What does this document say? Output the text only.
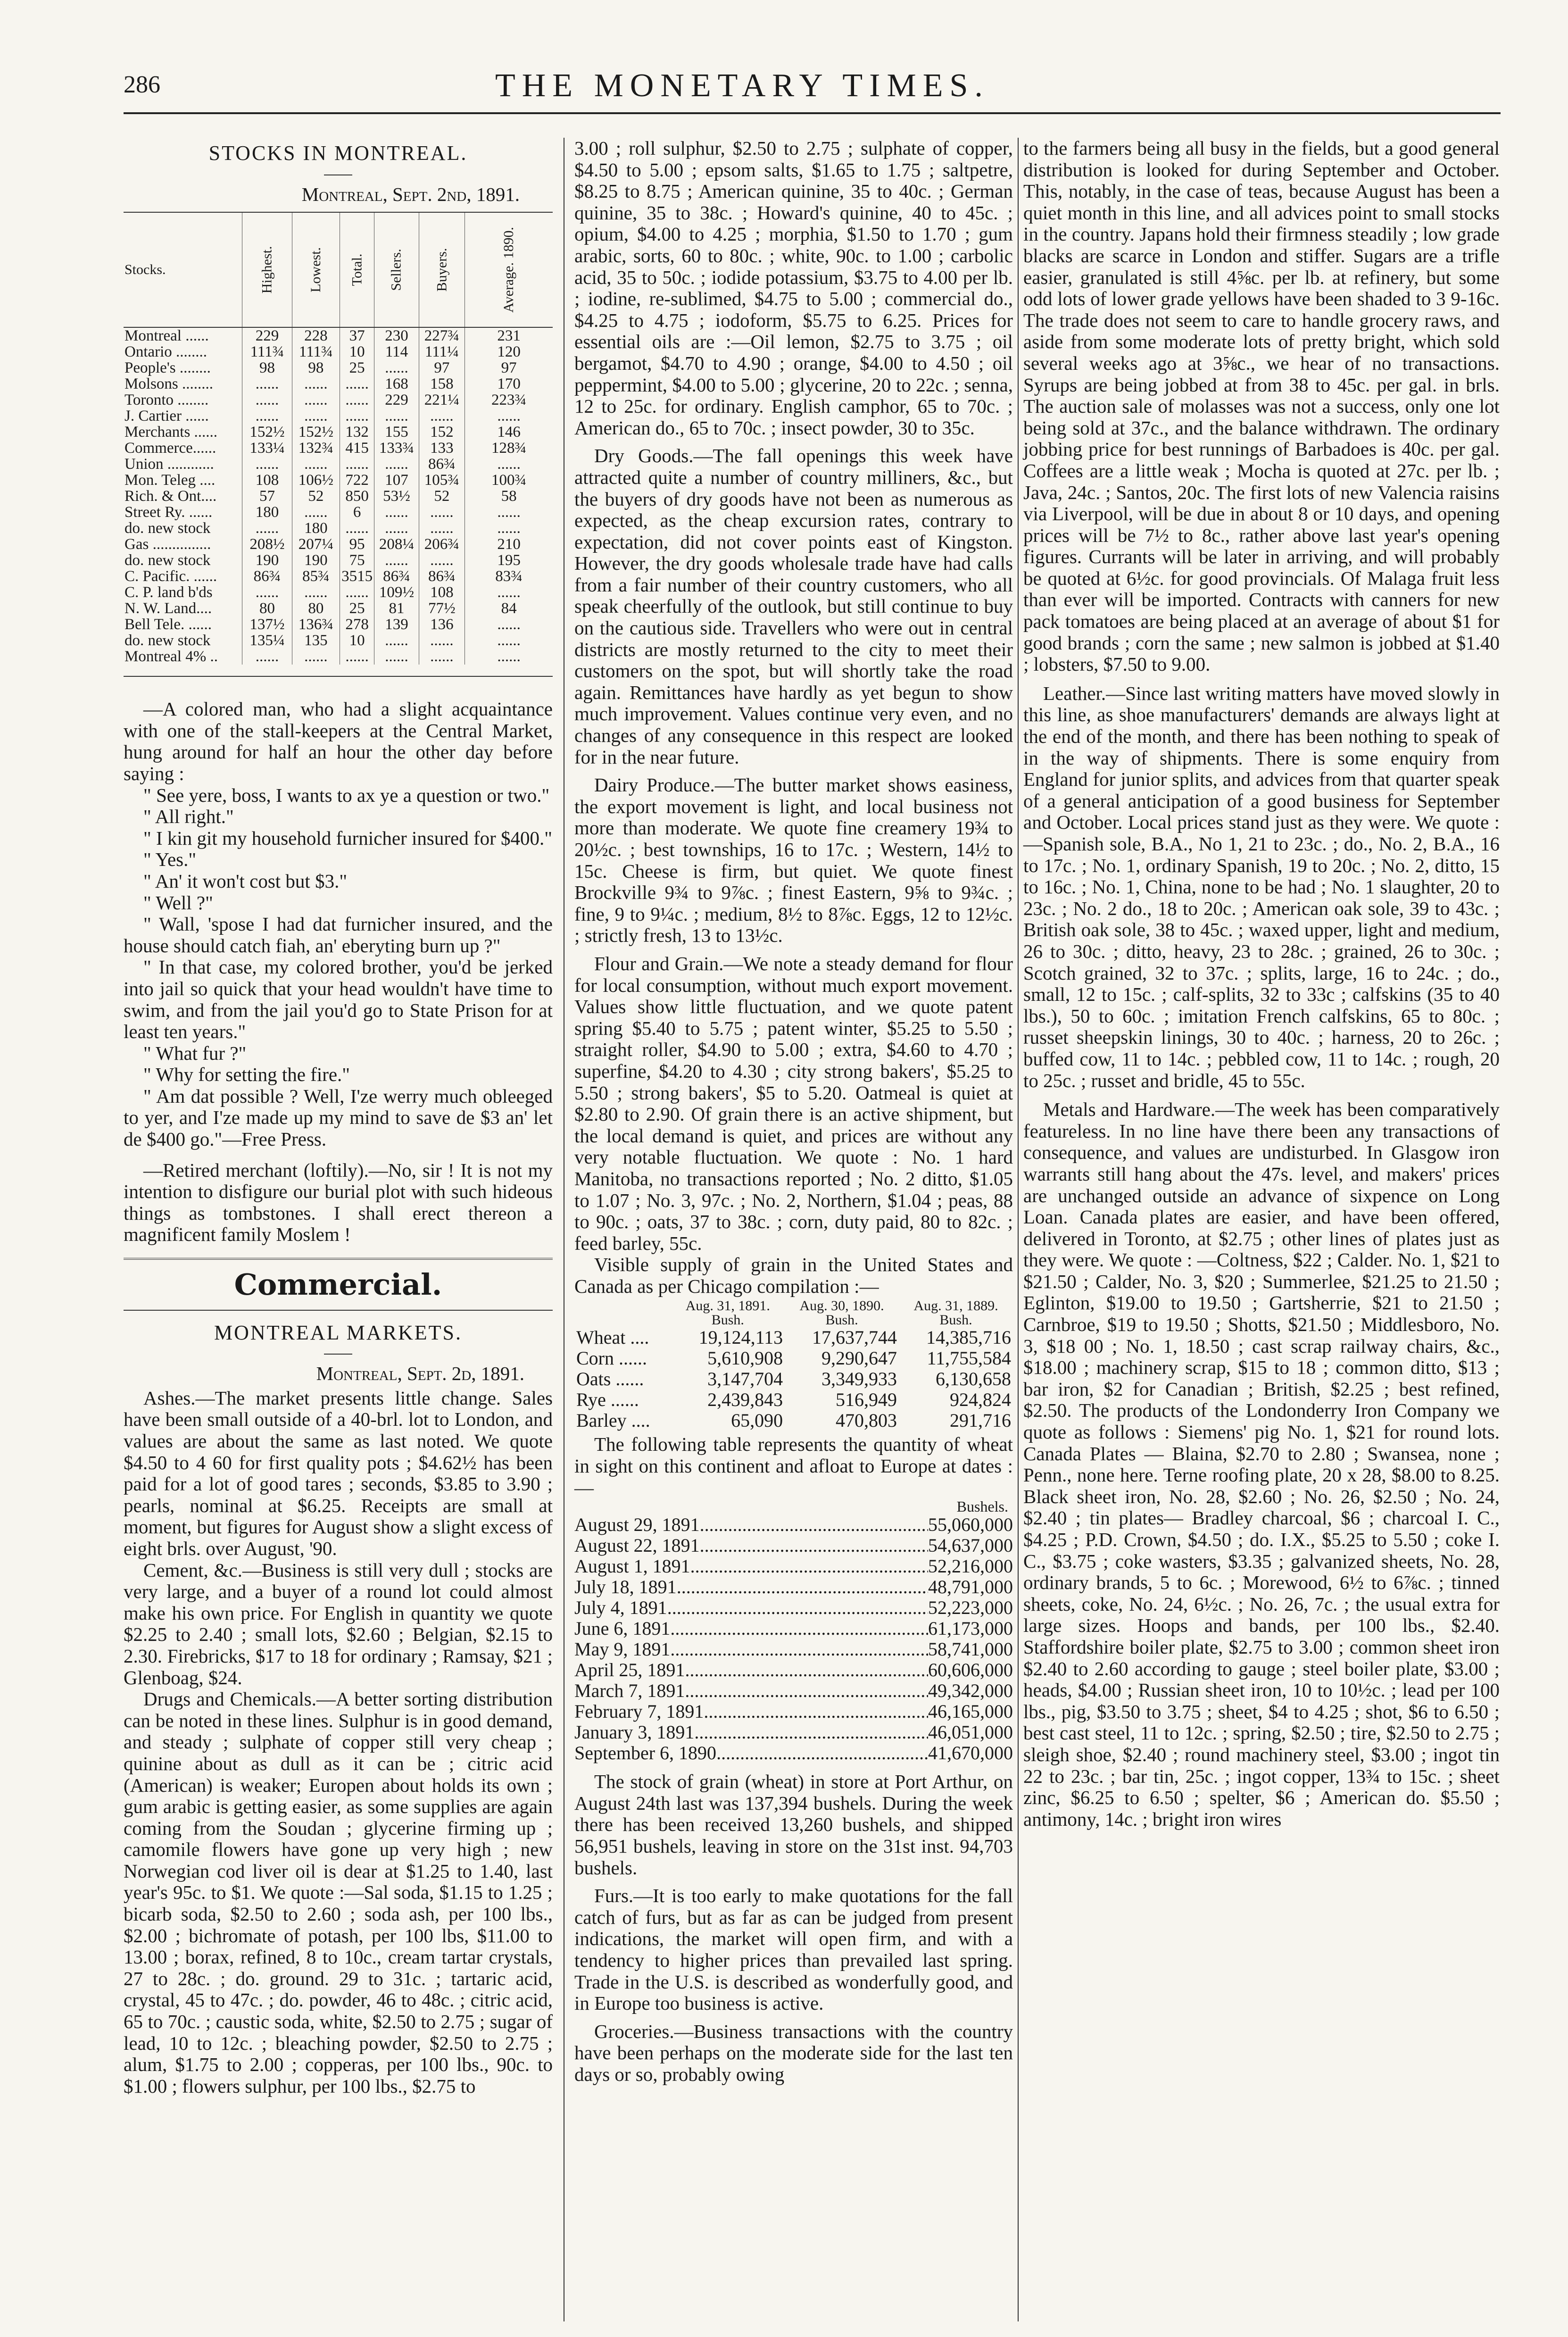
286	THE MONETARY TIMES.
STOCKS IN MONTREAL.

Montreal, Sept. 2nd, 1891.

Stocks.	Highest.	Lowest.	Total.	Sellers.	Buyers.	Average. 1890.
Montreal ......	229	228	37	230	227¾	231
Ontario ........	111¾	111¾	10	114	111¼	120
People's ........	98	98	25	......	97	97
Molsons ........	......	......	......	168	158	170
Toronto ........	......	......	......	229	221¼	223¾
J. Cartier ......	......	......	......	......	......	......
Merchants ......	152½	152½	132	155	152	146
Commerce......	133¼	132¾	415	133¾	133	128¾
Union ............	......	......	......	......	86¾	......
Mon. Teleg ....	108	106½	722	107	105¾	100¾
Rich. & Ont....	57	52	850	53½	52	58
Street Ry. ......	180	......	6	......	......	......
do. new stock	......	180	......	......	......	......
Gas ...............	208½	207¼	95	208¼	206¾	210
do. new stock	190	190	75	......	......	195
C. Pacific. ......	86¾	85¾	3515	86¾	86¾	83¾
C. P. land b'ds	......	......	......	109½	108	......
N. W. Land....	80	80	25	81	77½	84
Bell Tele. ......	137½	136¾	278	139	136	......
do. new stock	135¼	135	10	......	......	......
Montreal 4% ..	......	......	......	......	......	......

—A colored man, who had a slight acquaintance with one of the stall-keepers at the Central Market, hung around for half an hour the other day before saying :

" See yere, boss, I wants to ax ye a question or two."

" All right."

" I kin git my household furnicher insured for $400."

" Yes."

" An' it won't cost but $3."

" Well ?"

" Wall, 'spose I had dat furnicher insured, and the house should catch fiah, an' eberyting burn up ?"

" In that case, my colored brother, you'd be jerked into jail so quick that your head wouldn't have time to swim, and from the jail you'd go to State Prison for at least ten years."

" What fur ?"

" Why for setting the fire."

" Am dat possible ? Well, I'ze werry much obleeged to yer, and I'ze made up my mind to save de $3 an' let de $400 go."—Free Press.

—Retired merchant (loftily).—No, sir ! It is not my intention to disfigure our burial plot with such hideous things as tombstones. I shall erect thereon a magnificent family Moslem !

Commercial.
MONTREAL MARKETS.

Montreal, Sept. 2d, 1891.

Ashes.—The market presents little change. Sales have been small outside of a 40-brl. lot to London, and values are about the same as last noted. We quote $4.50 to 4 60 for first quality pots ; $4.62½ has been paid for a lot of good tares ; seconds, $3.85 to 3.90 ; pearls, nominal at $6.25. Receipts are small at moment, but figures for August show a slight excess of eight brls. over August, '90.

Cement, &c.—Business is still very dull ; stocks are very large, and a buyer of a round lot could almost make his own price. For English in quantity we quote $2.25 to 2.40 ; small lots, $2.60 ; Belgian, $2.15 to 2.30. Firebricks, $17 to 18 for ordinary ; Ramsay, $21 ; Glenboag, $24.

Drugs and Chemicals.—A better sorting distribution can be noted in these lines. Sulphur is in good demand, and steady ; sulphate of copper still very cheap ; quinine about as dull as it can be ; citric acid (American) is weaker; Europen about holds its own ; gum arabic is getting easier, as some supplies are again coming from the Soudan ; glycerine firming up ; camomile flowers have gone up very high ; new Norwegian cod liver oil is dear at $1.25 to 1.40, last year's 95c. to $1. We quote :—Sal soda, $1.15 to 1.25 ; bicarb soda, $2.50 to 2.60 ; soda ash, per 100 lbs., $2.00 ; bichromate of potash, per 100 lbs, $11.00 to 13.00 ; borax, refined, 8 to 10c., cream tartar crystals, 27 to 28c. ; do. ground. 29 to 31c. ; tartaric acid, crystal, 45 to 47c. ; do. powder, 46 to 48c. ; citric acid, 65 to 70c. ; caustic soda, white, $2.50 to 2.75 ; sugar of lead, 10 to 12c. ; bleaching powder, $2.50 to 2.75 ; alum, $1.75 to 2.00 ; copperas, per 100 lbs., 90c. to $1.00 ; flowers sulphur, per 100 lbs., $2.75 to

3.00 ; roll sulphur, $2.50 to 2.75 ; sulphate of copper, $4.50 to 5.00 ; epsom salts, $1.65 to 1.75 ; saltpetre, $8.25 to 8.75 ; American quinine, 35 to 40c. ; German quinine, 35 to 38c. ; Howard's quinine, 40 to 45c. ; opium, $4.00 to 4.25 ; morphia, $1.50 to 1.70 ; gum arabic, sorts, 60 to 80c. ; white, 90c. to 1.00 ; carbolic acid, 35 to 50c. ; iodide potassium, $3.75 to 4.00 per lb. ; iodine, re-sublimed, $4.75 to 5.00 ; commercial do., $4.25 to 4.75 ; iodoform, $5.75 to 6.25. Prices for essential oils are :—Oil lemon, $2.75 to 3.75 ; oil bergamot, $4.70 to 4.90 ; orange, $4.00 to 4.50 ; oil peppermint, $4.00 to 5.00 ; glycerine, 20 to 22c. ; senna, 12 to 25c. for ordinary. English camphor, 65 to 70c. ; American do., 65 to 70c. ; insect powder, 30 to 35c.

Dry Goods.—The fall openings this week have attracted quite a number of country milliners, &c., but the buyers of dry goods have not been as numerous as expected, as the cheap excursion rates, contrary to expectation, did not cover points east of Kingston. However, the dry goods wholesale trade have had calls from a fair number of their country customers, who all speak cheerfully of the outlook, but still continue to buy on the cautious side. Travellers who were out in central districts are mostly returned to the city to meet their customers on the spot, but will shortly take the road again. Remittances have hardly as yet begun to show much improvement. Values continue very even, and no changes of any consequence in this respect are looked for in the near future.

Dairy Produce.—The butter market shows easiness, the export movement is light, and local business not more than moderate. We quote fine creamery 19¾ to 20½c. ; best townships, 16 to 17c. ; Western, 14½ to 15c. Cheese is firm, but quiet. We quote finest Brockville 9¾ to 9⅞c. ; finest Eastern, 9⅝ to 9¾c. ; fine, 9 to 9¼c. ; medium, 8½ to 8⅞c. Eggs, 12 to 12½c. ; strictly fresh, 13 to 13½c.

Flour and Grain.—We note a steady demand for flour for local consumption, without much export movement. Values show little fluctuation, and we quote patent spring $5.40 to 5.75 ; patent winter, $5.25 to 5.50 ; straight roller, $4.90 to 5.00 ; extra, $4.60 to 4.70 ; superfine, $4.20 to 4.30 ; city strong bakers', $5.25 to 5.50 ; strong bakers', $5 to 5.20. Oatmeal is quiet at $2.80 to 2.90. Of grain there is an active shipment, but the local demand is quiet, and prices are without any very notable fluctuation. We quote : No. 1 hard Manitoba, no transactions reported ; No. 2 ditto, $1.05 to 1.07 ; No. 3, 97c. ; No. 2, Northern, $1.04 ; peas, 88 to 90c. ; oats, 37 to 38c. ; corn, duty paid, 80 to 82c. ; feed barley, 55c.

Visible supply of grain in the United States and Canada as per Chicago compilation :—

	Aug. 31, 1891. Bush.	Aug. 30, 1890. Bush.	Aug. 31, 1889. Bush.
Wheat ....	19,124,113	17,637,744	14,385,716
Corn ......	5,610,908	9,290,647	11,755,584
Oats ......	3,147,704	3,349,933	6,130,658
Rye ......	2,439,843	516,949	924,824
Barley ....	65,090	470,803	291,716

The following table represents the quantity of wheat in sight on this continent and afloat to Europe at dates :—

Bushels.
August 29, 1891 .....	55,060,000
August 22, 1891 .....	54,637,000
August 1, 1891 .....	52,216,000
July 18, 1891 .....	48,791,000
July 4, 1891 .....	52,223,000
June 6, 1891 .....	61,173,000
May 9, 1891 .....	58,741,000
April 25, 1891 .....	60,606,000
March 7, 1891 .....	49,342,000
February 7, 1891 .....	46,165,000
January 3, 1891 .....	46,051,000
September 6, 1890 .....	41,670,000

The stock of grain (wheat) in store at Port Arthur, on August 24th last was 137,394 bushels. During the week there has been received 13,260 bushels, and shipped 56,951 bushels, leaving in store on the 31st inst. 94,703 bushels.

Furs.—It is too early to make quotations for the fall catch of furs, but as far as can be judged from present indications, the market will open firm, and with a tendency to higher prices than prevailed last spring. Trade in the U.S. is described as wonderfully good, and in Europe too business is active.

Groceries.—Business transactions with the country have been perhaps on the moderate side for the last ten days or so, probably owing

to the farmers being all busy in the fields, but a good general distribution is looked for during September and October. This, notably, in the case of teas, because August has been a quiet month in this line, and all advices point to small stocks in the country. Japans hold their firmness steadily ; low grade blacks are scarce in London and stiffer. Sugars are a trifle easier, granulated is still 4⅝c. per lb. at refinery, but some odd lots of lower grade yellows have been shaded to 3 9-16c. The trade does not seem to care to handle grocery raws, and aside from some moderate lots of pretty bright, which sold several weeks ago at 3⅝c., we hear of no transactions. Syrups are being jobbed at from 38 to 45c. per gal. in brls. The auction sale of molasses was not a success, only one lot being sold at 37c., and the balance withdrawn. The ordinary jobbing price for best runnings of Barbadoes is 40c. per gal. Coffees are a little weak ; Mocha is quoted at 27c. per lb. ; Java, 24c. ; Santos, 20c. The first lots of new Valencia raisins via Liverpool, will be due in about 8 or 10 days, and opening prices will be 7½ to 8c., rather above last year's opening figures. Currants will be later in arriving, and will probably be quoted at 6½c. for good provincials. Of Malaga fruit less than ever will be imported. Contracts with canners for new pack tomatoes are being placed at an average of about $1 for good brands ; corn the same ; new salmon is jobbed at $1.40 ; lobsters, $7.50 to 9.00.

Leather.—Since last writing matters have moved slowly in this line, as shoe manufacturers' demands are always light at the end of the month, and there has been nothing to speak of in the way of shipments. There is some enquiry from England for junior splits, and advices from that quarter speak of a general anticipation of a good business for September and October. Local prices stand just as they were. We quote :—Spanish sole, B.A., No 1, 21 to 23c. ; do., No. 2, B.A., 16 to 17c. ; No. 1, ordinary Spanish, 19 to 20c. ; No. 2, ditto, 15 to 16c. ; No. 1, China, none to be had ; No. 1 slaughter, 20 to 23c. ; No. 2 do., 18 to 20c. ; American oak sole, 39 to 43c. ; British oak sole, 38 to 45c. ; waxed upper, light and medium, 26 to 30c. ; ditto, heavy, 23 to 28c. ; grained, 26 to 30c. ; Scotch grained, 32 to 37c. ; splits, large, 16 to 24c. ; do., small, 12 to 15c. ; calf-splits, 32 to 33c ; calfskins (35 to 40 lbs.), 50 to 60c. ; imitation French calfskins, 65 to 80c. ; russet sheepskin linings, 30 to 40c. ; harness, 20 to 26c. ; buffed cow, 11 to 14c. ; pebbled cow, 11 to 14c. ; rough, 20 to 25c. ; russet and bridle, 45 to 55c.

Metals and Hardware.—The week has been comparatively featureless. In no line have there been any transactions of consequence, and values are undisturbed. In Glasgow iron warrants still hang about the 47s. level, and makers' prices are unchanged outside an advance of sixpence on Long Loan. Canada plates are easier, and have been offered, delivered in Toronto, at $2.75 ; other lines of plates just as they were. We quote : —Coltness, $22 ; Calder. No. 1, $21 to $21.50 ; Calder, No. 3, $20 ; Summerlee, $21.25 to 21.50 ; Eglinton, $19.00 to 19.50 ; Gartsherrie, $21 to 21.50 ; Carnbroe, $19 to 19.50 ; Shotts, $21.50 ; Middlesboro, No. 3, $18 00 ; No. 1, 18.50 ; cast scrap railway chairs, &c., $18.00 ; machinery scrap, $15 to 18 ; common ditto, $13 ; bar iron, $2 for Canadian ; British, $2.25 ; best refined, $2.50. The products of the Londonderry Iron Company we quote as follows : Siemens' pig No. 1, $21 for round lots. Canada Plates — Blaina, $2.70 to 2.80 ; Swansea, none ; Penn., none here. Terne roofing plate, 20 x 28, $8.00 to 8.25. Black sheet iron, No. 28, $2.60 ; No. 26, $2.50 ; No. 24, $2.40 ; tin plates— Bradley charcoal, $6 ; charcoal I. C., $4.25 ; P.D. Crown, $4.50 ; do. I.X., $5.25 to 5.50 ; coke I. C., $3.75 ; coke wasters, $3.35 ; galvanized sheets, No. 28, ordinary brands, 5 to 6c. ; Morewood, 6½ to 6⅞c. ; tinned sheets, coke, No. 24, 6½c. ; No. 26, 7c. ; the usual extra for large sizes. Hoops and bands, per 100 lbs., $2.40. Staffordshire boiler plate, $2.75 to 3.00 ; common sheet iron $2.40 to 2.60 according to gauge ; steel boiler plate, $3.00 ; heads, $4.00 ; Russian sheet iron, 10 to 10½c. ; lead per 100 lbs., pig, $3.50 to 3.75 ; sheet, $4 to 4.25 ; shot, $6 to 6.50 ; best cast steel, 11 to 12c. ; spring, $2.50 ; tire, $2.50 to 2.75 ; sleigh shoe, $2.40 ; round machinery steel, $3.00 ; ingot tin 22 to 23c. ; bar tin, 25c. ; ingot copper, 13¾ to 15c. ; sheet zinc, $6.25 to 6.50 ; spelter, $6 ; American do. $5.50 ; antimony, 14c. ; bright iron wires
